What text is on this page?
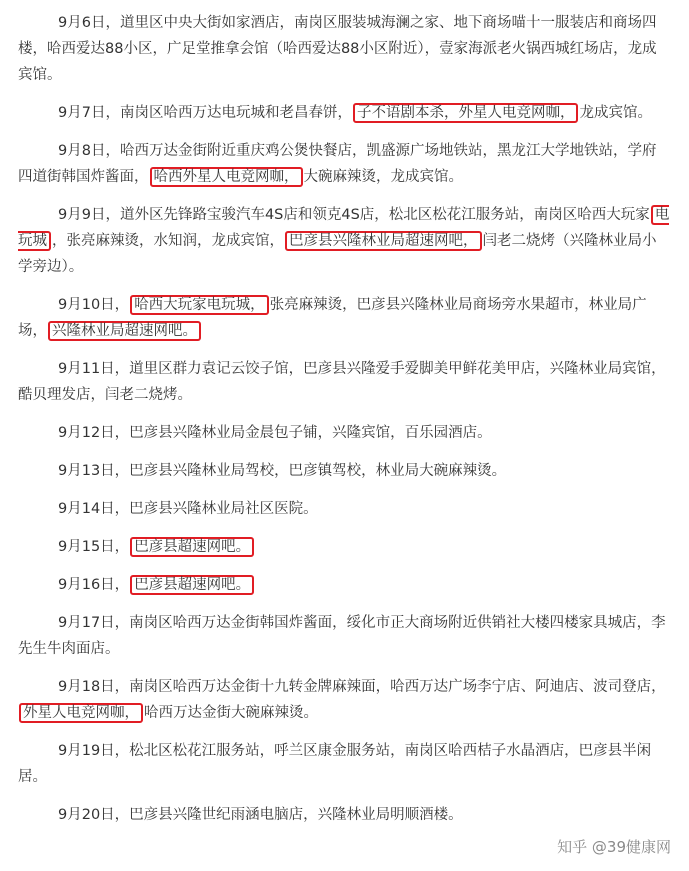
9月6日，道里区中央大街如家酒店，南岗区服装城海澜之家、地下商场喵十一服装店和商场四楼，哈西爱达88小区，广足堂推拿会馆（哈西爱达88小区附近），壹家海派老火锅西城红场店，龙成宾馆。

9月7日，南岗区哈西万达电玩城和老昌春饼， 子不语剧本杀，外星人电竞网咖， 龙成宾馆。

9月8日，哈西万达金街附近重庆鸡公煲快餐店，凯盛源广场地铁站，黑龙江大学地铁站，学府四道街韩国炸酱面， 哈西外星人电竞网咖， 大碗麻辣烫，龙成宾馆。

9月9日，道外区先锋路宝骏汽车4S店和领克4S店，松北区松花江服务站，南岗区哈西大玩家 电玩城 ，张亮麻辣烫，水知润，龙成宾馆， 巴彦县兴隆林业局超速网吧， 闫老二烧烤（兴隆林业局小学旁边）。

9月10日， 哈西大玩家电玩城， 张亮麻辣烫，巴彦县兴隆林业局商场旁水果超市，林业局广场， 兴隆林业局超速网吧。

9月11日，道里区群力袁记云饺子馆，巴彦县兴隆爱手爱脚美甲鲜花美甲店，兴隆林业局宾馆，酷贝理发店，闫老二烧烤。

9月12日，巴彦县兴隆林业局金晨包子铺，兴隆宾馆，百乐园酒店。

9月13日，巴彦县兴隆林业局驾校，巴彦镇驾校，林业局大碗麻辣烫。

9月14日，巴彦县兴隆林业局社区医院。

9月15日， 巴彦县超速网吧。

9月16日， 巴彦县超速网吧。

9月17日，南岗区哈西万达金街韩国炸酱面，绥化市正大商场附近供销社大楼四楼家具城店，李先生牛肉面店。

9月18日，南岗区哈西万达金街十九转金牌麻辣面，哈西万达广场李宁店、阿迪店、波司登店，外星人电竞网咖， 哈西万达金街大碗麻辣烫。

9月19日，松北区松花江服务站，呼兰区康金服务站，南岗区哈西桔子水晶酒店，巴彦县半闲居。

9月20日，巴彦县兴隆世纪雨涵电脑店，兴隆林业局明顺酒楼。

知乎 @39健康网
